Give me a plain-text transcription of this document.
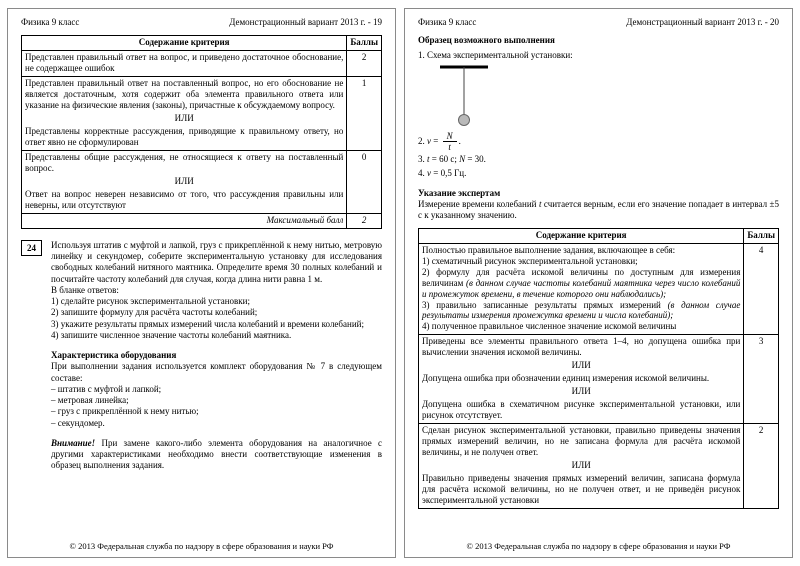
Физика 9 класс	Демонстрационный вариант 2013 г. - 19
Содержание критерия	Баллы

Представлен правильный ответ на вопрос, и приведено достаточное обоснование, не содержащее ошибок	2

Представлен правильный ответ на поставленный вопрос, но его обоснование не является достаточным, хотя содержит оба элемента правильного ответа или указание на физические явления (законы), причастные к обсуждаемому вопросу.
ИЛИ
Представлены корректные рассуждения, приводящие к правильному ответу, но ответ явно не сформулирован	1

Представлены общие рассуждения, не относящиеся к ответу на поставленный вопрос.
ИЛИ
Ответ на вопрос неверен независимо от того, что рассуждения правильны или неверны, или отсутствуют	0

Максимальный балл	2
24	Используя штатив с муфтой и лапкой, груз с прикреплённой к нему нитью, метровую линейку и секундомер, соберите экспериментальную установку для исследования свободных колебаний нитяного маятника. Определите время 30 полных колебаний и посчитайте частоту колебаний для случая, когда длина нити равна 1 м.
В бланке ответов:
1) сделайте рисунок экспериментальной установки;
2) запишите формулу для расчёта частоты колебаний;
3) укажите результаты прямых измерений числа колебаний и времени колебаний;
4) запишите численное значение частоты колебаний маятника.
Характеристика оборудования
При выполнении задания используется комплект оборудования № 7 в следующем составе:
– штатив с муфтой и лапкой;
– метровая линейка;
– груз с прикреплённой к нему нитью;
– секундомер.
Внимание! При замене какого-либо элемента оборудования на аналогичное с другими характеристиками необходимо внести соответствующие изменения в образец выполнения задания.
© 2013 Федеральная служба по надзору в сфере образования и науки РФ
Физика 9 класс	Демонстрационный вариант 2013 г. - 20
Образец возможного выполнения
1. Схема экспериментальной установки:
2. $\nu = \frac{N}{t}$ .
3. t = 60 с; N = 30.
4. ν = 0,5 Гц.
Указание экспертам
Измерение времени колебаний t считается верным, если его значение попадает в интервал ±5 с к указанному значению.
Содержание критерия	Баллы

Полностью правильное выполнение задания, включающее в себя:
1) схематичный рисунок экспериментальной установки;
2) формулу для расчёта искомой величины по доступным для измерения величинам (в данном случае частоты колебаний маятника через число колебаний и промежуток времени, в течение которого они наблюдались);
3) правильно записанные результаты прямых измерений (в данном случае результаты измерения промежутка времени и числа колебаний);
4) полученное правильное численное значение искомой величины	4

Приведены все элементы правильного ответа 1–4, но допущена ошибка при вычислении значения искомой величины.
ИЛИ
Допущена ошибка при обозначении единиц измерения искомой величины.
ИЛИ
Допущена ошибка в схематичном рисунке экспериментальной установки, или рисунок отсутствует.	3

Сделан рисунок экспериментальной установки, правильно приведены значения прямых измерений величин, но не записана формула для расчёта искомой величины, и не получен ответ.
ИЛИ
Правильно приведены значения прямых измерений величин, записана формула для расчёта искомой величины, но не получен ответ, и не приведён рисунок экспериментальной установки	2
© 2013 Федеральная служба по надзору в сфере образования и науки РФ
